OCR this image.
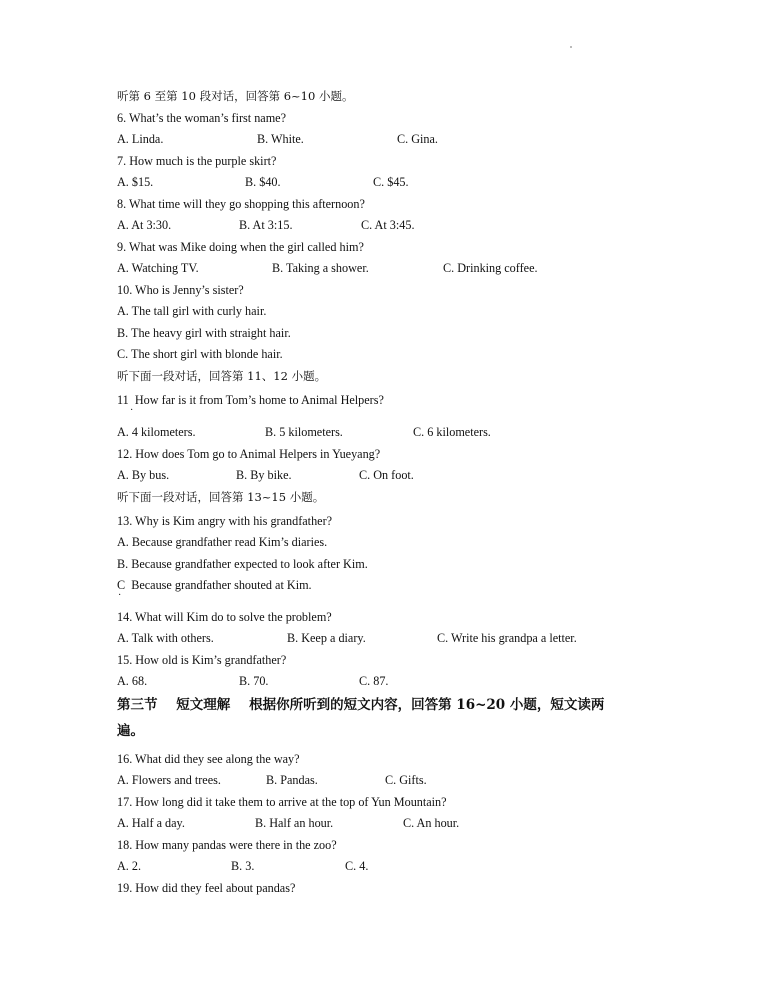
听第 6 至第 10 段对话，回答第 6~10 小题。
6. What’s the woman’s first name?
A. Linda.	B. White.	C. Gina.
7. How much is the purple skirt?
A. $15.	B. $40.	C. $45.
8. What time will they go shopping this afternoon?
A. At 3:30.	B. At 3:15.	C. At 3:45.
9. What was Mike doing when the girl called him?
A. Watching TV.	B. Taking a shower.	C. Drinking coffee.
10. Who is Jenny’s sister?
A. The tall girl with curly hair.
B. The heavy girl with straight hair.
C. The short girl with blonde hair.
听下面一段对话，回答第 11、12 小题。
11  How far is it from Tom’s home to Animal Helpers?
·
A. 4 kilometers.	B. 5 kilometers.	C. 6 kilometers.
12. How does Tom go to Animal Helpers in Yueyang?
A. By bus.	B. By bike.	C. On foot.
听下面一段对话，回答第 13~15 小题。
13. Why is Kim angry with his grandfather?
A. Because grandfather read Kim’s diaries.
B. Because grandfather expected to look after Kim.
C  Because grandfather shouted at Kim.
·
14. What will Kim do to solve the problem?
A. Talk with others.	B. Keep a diary.	C. Write his grandpa a letter.
15. How old is Kim’s grandfather?
A. 68.	B. 70.	C. 87.
第三节    短文理解    根据你所听到的短文内容，回答第 16~20 小题，短文读两
遍。
16. What did they see along the way?
A. Flowers and trees.	B. Pandas.	C. Gifts.
17. How long did it take them to arrive at the top of Yun Mountain?
A. Half a day.	B. Half an hour.	C. An hour.
18. How many pandas were there in the zoo?
A. 2.	B. 3.	C. 4.
19. How did they feel about pandas?
